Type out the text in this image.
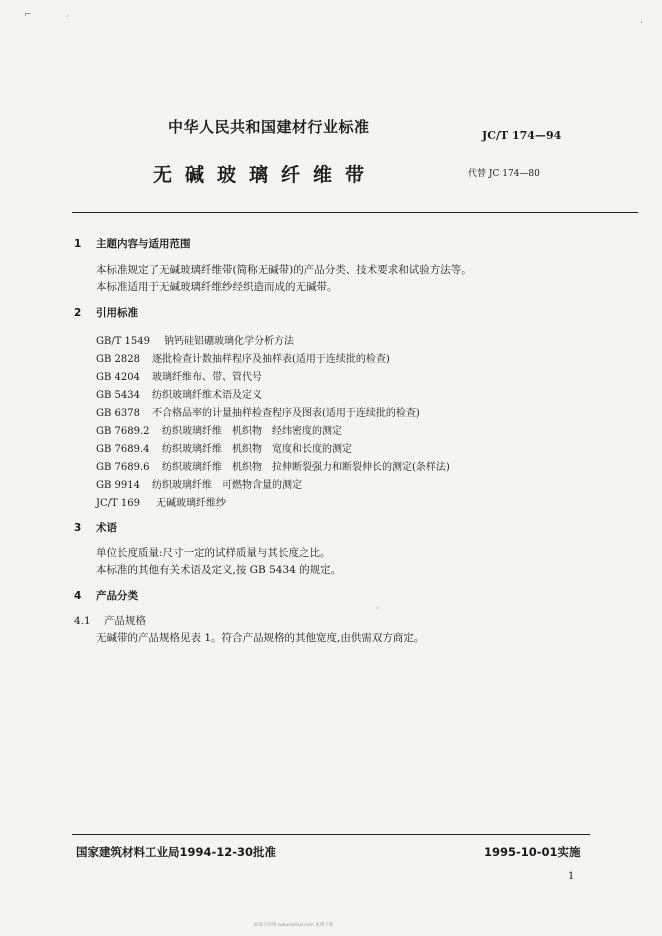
⌐	·
·
中华人民共和国建材行业标准	JC/T 174—94
无碱玻璃纤维带	代替 JC 174—80
1 主题内容与适用范围
本标准规定了无碱玻璃纤维带(简称无碱带)的产品分类、技术要求和试验方法等。
本标准适用于无碱玻璃纤维纱经织造而成的无碱带。
2 引用标准
GB/T 1549 钠钙硅铝硼玻璃化学分析方法
GB 2828 逐批检查计数抽样程序及抽样表(适用于连续批的检查)
GB 4204 玻璃纤维布、带、管代号
GB 5434 纺织玻璃纤维术语及定义
GB 6378 不合格品率的计量抽样检查程序及图表(适用于连续批的检查)
GB 7689.2 纺织玻璃纤维　机织物　经纬密度的测定
GB 7689.4 纺织玻璃纤维　机织物　宽度和长度的测定
GB 7689.6 纺织玻璃纤维　机织物　拉伸断裂强力和断裂伸长的测定(条样法)
GB 9914 纺织玻璃纤维　可燃物含量的测定
JC/T 169 无碱玻璃纤维纱
3 术语
单位长度质量:尺寸一定的试样质量与其长度之比。
本标准的其他有关术语及定义,按 GB 5434 的规定。
4 产品分类
4.1 产品规格
无碱带的产品规格见表 1。符合产品规格的其他宽度,由供需双方商定。
·
国家建筑材料工业局1994-12-30批准	1995-10-01实施
1
标准分享网 www.bzfxw.com 免费下载
